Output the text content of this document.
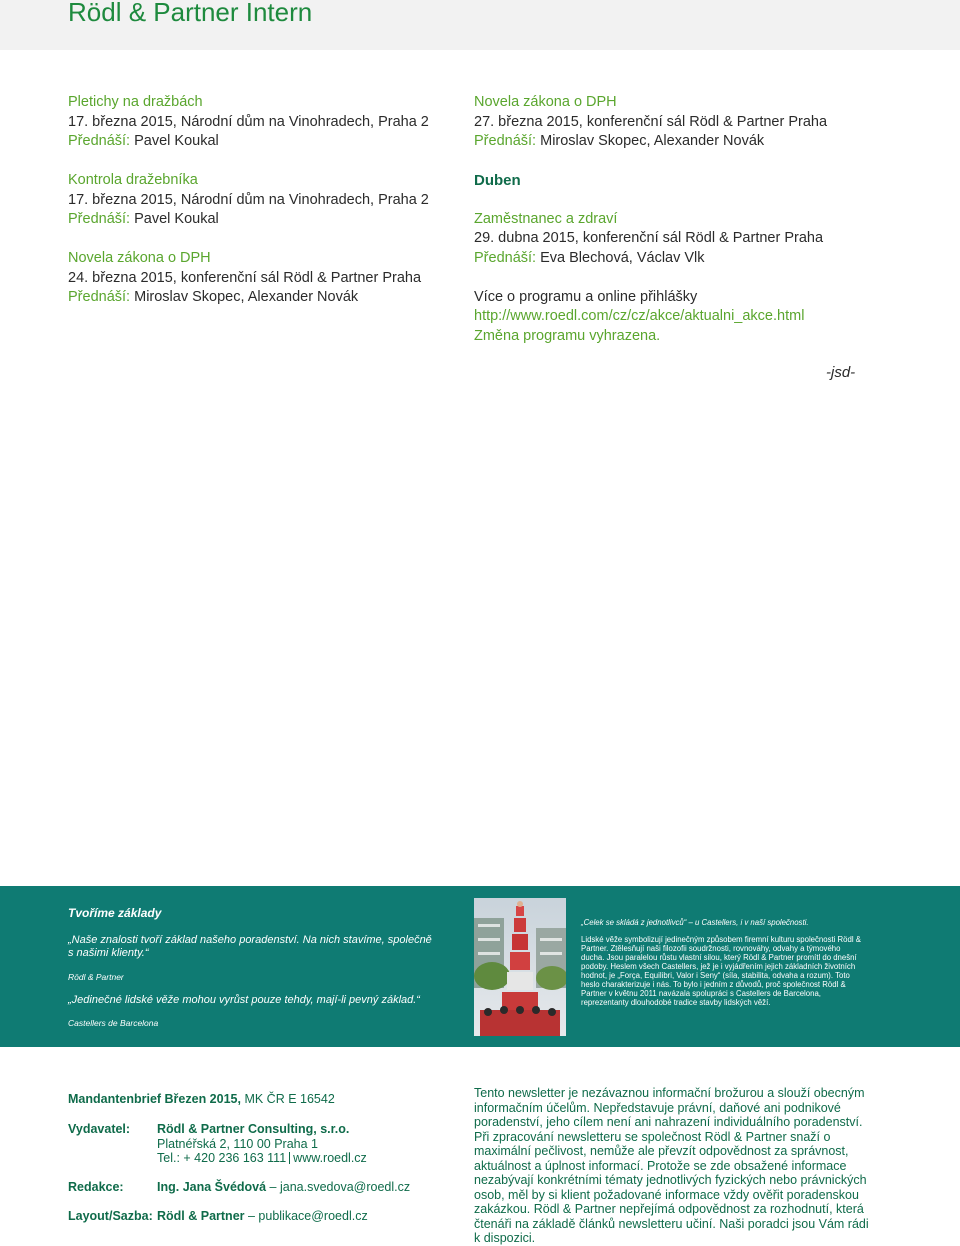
Rödl & Partner Intern
Pletichy na dražbách
17. března 2015, Národní dům na Vinohradech, Praha 2
Přednáší: Pavel Koukal
Kontrola dražebníka
17. března 2015, Národní dům na Vinohradech, Praha 2
Přednáší: Pavel Koukal
Novela zákona o DPH
24. března 2015, konferenční sál Rödl & Partner Praha
Přednáší: Miroslav Skopec, Alexander Novák
Novela zákona o DPH
27. března 2015, konferenční sál Rödl & Partner Praha
Přednáší: Miroslav Skopec, Alexander Novák
Duben
Zaměstnanec a zdraví
29. dubna 2015, konferenční sál Rödl & Partner Praha
Přednáší: Eva Blechová, Václav Vlk
Více o programu a online přihlášky
http://www.roedl.com/cz/cz/akce/aktualni_akce.html
Změna programu vyhrazena.
-jsd-
Tvoříme základy
„Naše znalosti tvoří základ našeho poradenství. Na nich stavíme, společně s našimi klienty.“
Rödl & Partner
„Jedinečné lidské věže mohou vyrůst pouze tehdy, mají-li pevný základ.“
Castellers de Barcelona
„Celek se skládá z jednotlivců“ – u Castellers, i v naší společnosti.
Lidské věže symbolizují jedinečným způsobem firemní kulturu společnosti Rödl & Partner. Ztělesňují naši filozofii soudržnosti, rovnováhy, odvahy a týmového ducha. Jsou paralelou růstu vlastní silou, který Rödl & Partner promítl do dnešní podoby. Heslem všech Castellers, jež je i vyjádřením jejich základních životních hodnot, je „Força, Equilibri, Valor i Seny“ (síla, stabilita, odvaha a rozum). Toto heslo charakterizuje i nás. To bylo i jedním z důvodů, proč společnost Rödl & Partner v květnu 2011 navázala spolupráci s Castellers de Barcelona, reprezentanty dlouhodobé tradice stavby lidských věží.
Mandantenbrief Březen 2015, MK ČR E 16542
Vydavatel:	Rödl & Partner Consulting, s.r.o.
Platnéřská 2, 110 00 Praha 1
Tel.: + 420 236 163 111 www.roedl.cz
Redakce:	Ing. Jana Švédová – jana.svedova@roedl.cz
Layout/Sazba: Rödl & Partner – publikace@roedl.cz
Tento newsletter je nezávaznou informační brožurou a slouží obecným informačním účelům. Nepředstavuje právní, daňové ani podnikové poradenství, jeho cílem není ani nahrazení individuálního poradenství. Při zpracování newsletteru se společnost Rödl & Partner snaží o maximální pečlivost, nemůže ale převzít odpovědnost za správnost, aktuálnost a úplnost informací. Protože se zde obsažené informace nezabývají konkrétními tématy jednotlivých fyzických nebo právnických osob, měl by si klient požadované informace vždy ověřit poradenskou zakázkou. Rödl & Partner nepřejímá odpovědnost za rozhodnutí, která čtenáři na základě článků newsletteru učiní. Naši poradci jsou Vám rádi k dispozici.
